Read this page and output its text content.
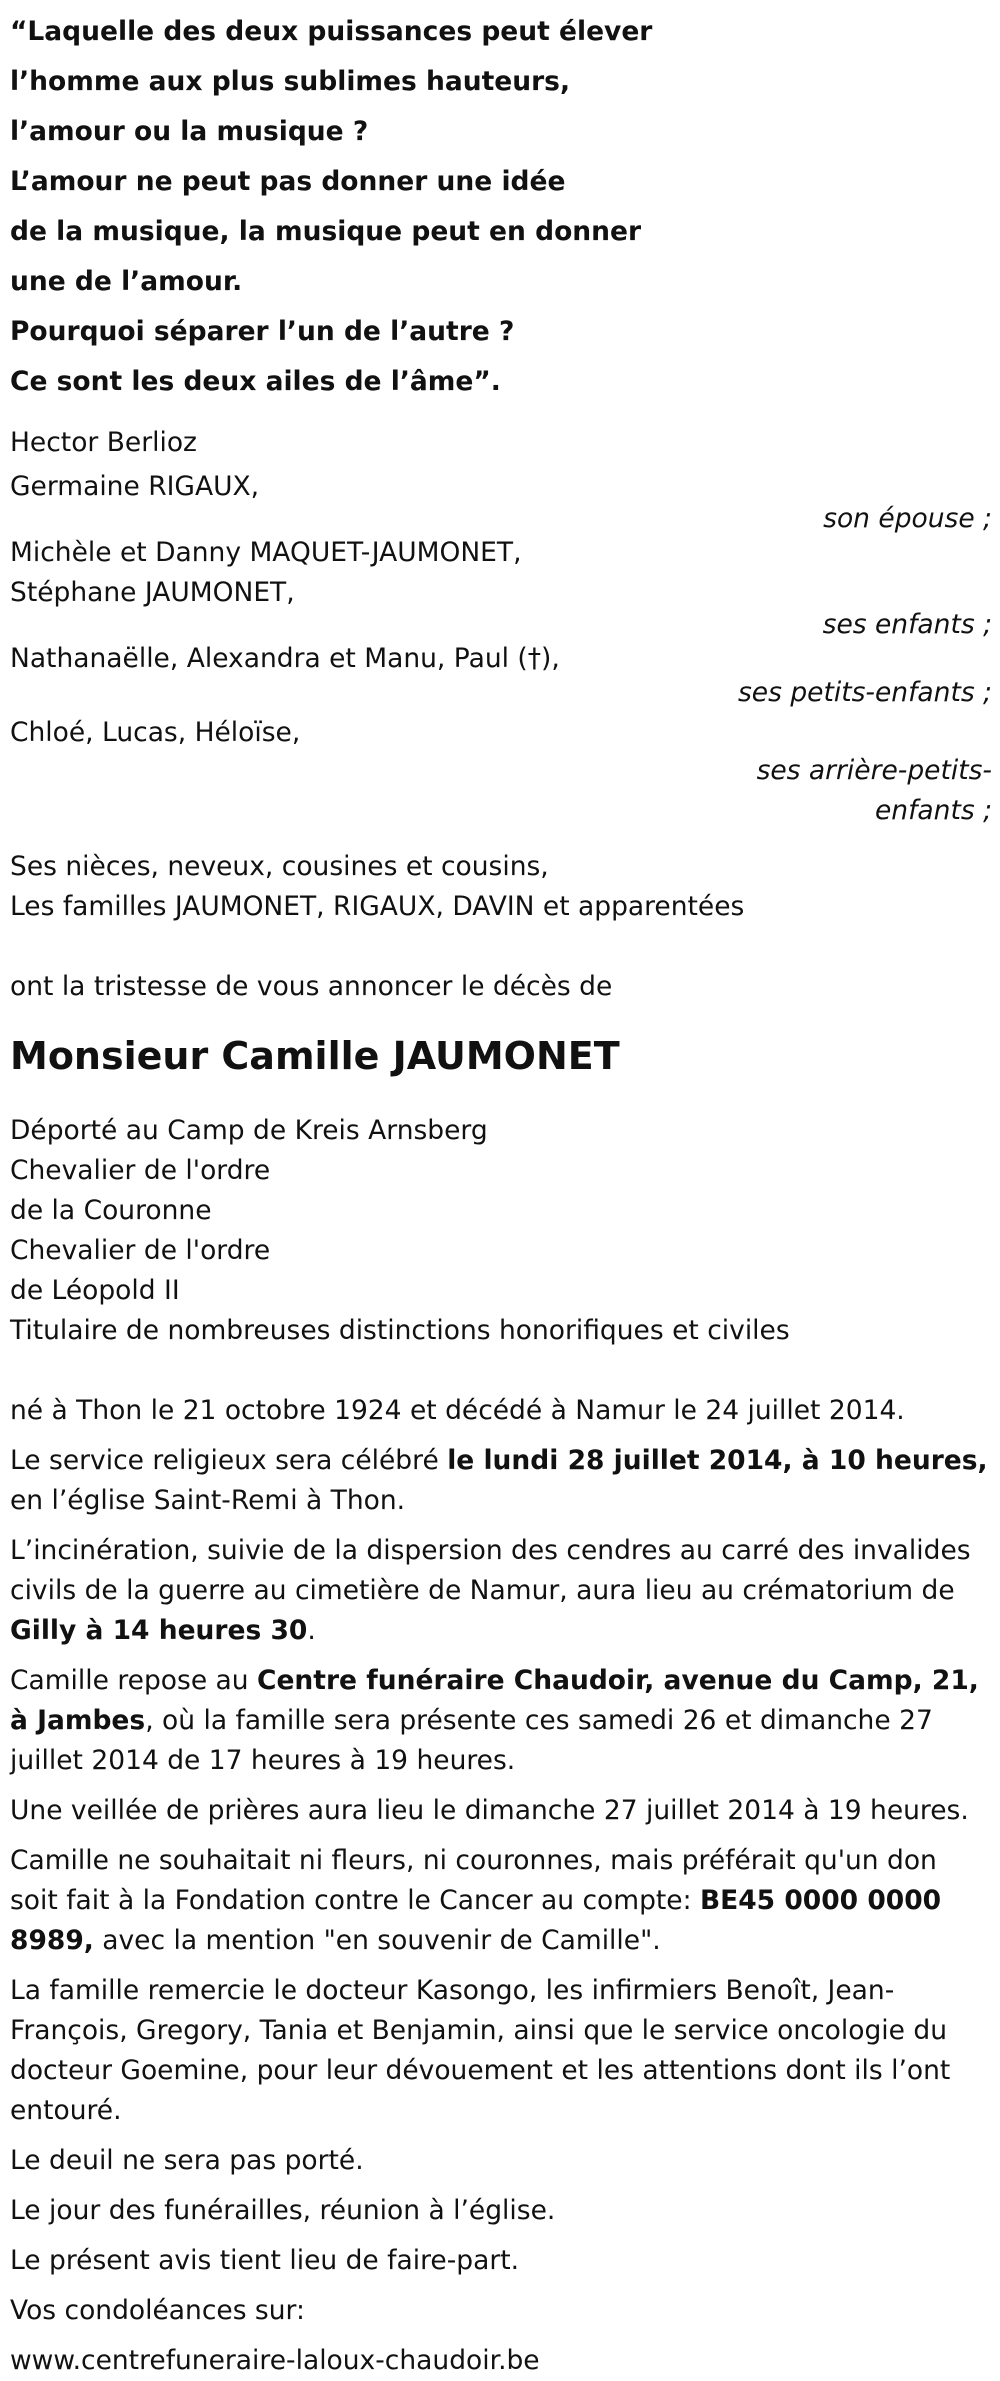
“Laquelle des deux puissances peut élever

l’homme aux plus sublimes hauteurs,

l’amour ou la musique ?

L’amour ne peut pas donner une idée

de la musique, la musique peut en donner

une de l’amour.

Pourquoi séparer l’un de l’autre ?

Ce sont les deux ailes de l’âme”.

Hector Berlioz

Germaine RIGAUX,

son épouse ;

Michèle et Danny MAQUET-JAUMONET,

Stéphane JAUMONET,

ses enfants ;

Nathanaëlle, Alexandra et Manu, Paul (†),

ses petits-enfants ;

Chloé, Lucas, Héloïse,

ses arrière-petits-

enfants ;

Ses nièces, neveux, cousines et cousins,

Les familles JAUMONET, RIGAUX, DAVIN et apparentées

ont la tristesse de vous annoncer le décès de

Monsieur Camille JAUMONET

Déporté au Camp de Kreis Arnsberg

Chevalier de l'ordre

de la Couronne

Chevalier de l'ordre

de Léopold II

Titulaire de nombreuses distinctions honorifiques et civiles

né à Thon le 21 octobre 1924 et décédé à Namur le 24 juillet 2014.

Le service religieux sera célébré le lundi 28 juillet 2014, à 10 heures, en l’église Saint-Remi à Thon.

L’incinération, suivie de la dispersion des cendres au carré des invalides civils de la guerre au cimetière de Namur, aura lieu au crématorium de Gilly à 14 heures 30.

Camille repose au Centre funéraire Chaudoir, avenue du Camp, 21, à Jambes, où la famille sera présente ces samedi 26 et dimanche 27 juillet 2014 de 17 heures à 19 heures.

Une veillée de prières aura lieu le dimanche 27 juillet 2014 à 19 heures.

Camille ne souhaitait ni fleurs, ni couronnes, mais préférait qu'un don soit fait à la Fondation contre le Cancer au compte: BE45 0000 0000 8989, avec la mention "en souvenir de Camille".

La famille remercie le docteur Kasongo, les infirmiers Benoît, Jean-François, Gregory, Tania et Benjamin, ainsi que le service oncologie du docteur Goemine, pour leur dévouement et les attentions dont ils l’ont entouré.

Le deuil ne sera pas porté.

Le jour des funérailles, réunion à l’église.

Le présent avis tient lieu de faire-part.

Vos condoléances sur:

www.centrefuneraire-laloux-chaudoir.be
